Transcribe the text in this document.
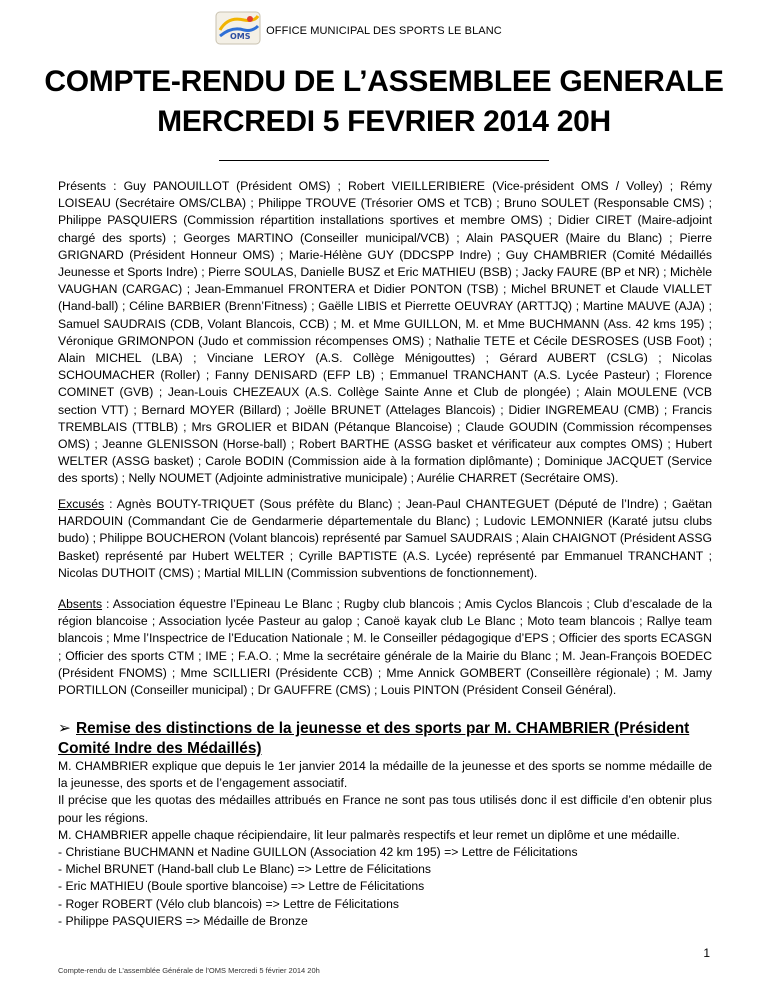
OMS	OFFICE MUNICIPAL DES SPORTS LE BLANC
COMPTE-RENDU DE L’ASSEMBLEE GENERALE
MERCREDI 5 FEVRIER 2014 20H
Présents : Guy PANOUILLOT (Président OMS) ; Robert VIEILLERIBIERE (Vice-président OMS / Volley) ; Rémy LOISEAU (Secrétaire OMS/CLBA) ; Philippe TROUVE (Trésorier OMS et TCB) ; Bruno SOULET (Responsable CMS) ; Philippe PASQUIERS (Commission répartition installations sportives et membre OMS) ; Didier CIRET (Maire-adjoint chargé des sports) ; Georges MARTINO (Conseiller municipal/VCB) ; Alain PASQUER (Maire du Blanc) ; Pierre GRIGNARD (Président Honneur OMS) ; Marie-Hélène GUY (DDCSPP Indre) ; Guy CHAMBRIER (Comité Médaillés Jeunesse et Sports Indre) ; Pierre SOULAS, Danielle BUSZ et Eric MATHIEU (BSB) ; Jacky FAURE (BP et NR) ; Michèle VAUGHAN (CARGAC) ; Jean-Emmanuel FRONTERA et Didier PONTON (TSB) ; Michel BRUNET et Claude VIALLET (Hand-ball) ; Céline BARBIER (Brenn’Fitness) ; Gaëlle LIBIS et Pierrette OEUVRAY (ARTTJQ) ; Martine MAUVE (AJA) ; Samuel SAUDRAIS (CDB, Volant Blancois, CCB) ; M. et Mme GUILLON, M. et Mme BUCHMANN (Ass. 42 kms 195) ; Véronique GRIMONPON (Judo et commission récompenses OMS) ; Nathalie TETE et Cécile DESROSES (USB Foot) ; Alain MICHEL (LBA) ; Vinciane LEROY (A.S. Collège Ménigouttes) ; Gérard AUBERT (CSLG) ; Nicolas SCHOUMACHER (Roller) ; Fanny DENISARD (EFP LB) ; Emmanuel TRANCHANT (A.S. Lycée Pasteur) ; Florence COMINET (GVB) ; Jean-Louis CHEZEAUX (A.S. Collège Sainte Anne et Club de plongée) ; Alain MOULENE (VCB section VTT) ; Bernard MOYER (Billard) ; Joëlle BRUNET (Attelages Blancois) ; Didier INGREMEAU (CMB) ; Francis TREMBLAIS (TTBLB) ; Mrs GROLIER et BIDAN (Pétanque Blancoise) ; Claude GOUDIN (Commission récompenses OMS) ; Jeanne GLENISSON (Horse-ball) ; Robert BARTHE (ASSG basket et vérificateur aux comptes OMS) ; Hubert WELTER (ASSG basket) ; Carole BODIN (Commission aide à la formation diplômante) ; Dominique JACQUET (Service des sports) ; Nelly NOUMET (Adjointe administrative municipale) ; Aurélie CHARRET (Secrétaire OMS).
Excusés : Agnès BOUTY-TRIQUET (Sous préfète du Blanc) ; Jean-Paul CHANTEGUET (Député de l’Indre) ; Gaëtan HARDOUIN (Commandant Cie de Gendarmerie départementale du Blanc) ; Ludovic LEMONNIER (Karaté jutsu clubs budo) ; Philippe BOUCHERON (Volant blancois) représenté par Samuel SAUDRAIS ; Alain CHAIGNOT (Président ASSG Basket) représenté par Hubert WELTER ; Cyrille BAPTISTE (A.S. Lycée) représenté par Emmanuel TRANCHANT ; Nicolas DUTHOIT (CMS) ; Martial MILLIN (Commission subventions de fonctionnement).
Absents : Association équestre l’Epineau Le Blanc ; Rugby club blancois ; Amis Cyclos Blancois ; Club d’escalade de la région blancoise ; Association lycée Pasteur au galop ; Canoë kayak club Le Blanc ; Moto team blancois ; Rallye team blancois ; Mme l’Inspectrice de l’Education Nationale ; M. le Conseiller pédagogique d’EPS ; Officier des sports ECASGN ; Officier des sports CTM ; IME ; F.A.O. ; Mme la secrétaire générale de la Mairie du Blanc ; M. Jean-François BOEDEC (Président FNOMS) ; Mme SCILLIERI (Présidente CCB) ; Mme Annick GOMBERT (Conseillère régionale) ; M. Jamy PORTILLON (Conseiller municipal) ; Dr GAUFFRE (CMS) ; Louis PINTON (Président Conseil Général).
➢ Remise des distinctions de la jeunesse et des sports par M. CHAMBRIER (Président Comité Indre des Médaillés)

M. CHAMBRIER explique que depuis le 1er janvier 2014 la médaille de la jeunesse et des sports se nomme médaille de la jeunesse, des sports et de l’engagement associatif.

Il précise que les quotas des médailles attribués en France ne sont pas tous utilisés donc il est difficile d’en obtenir plus pour les régions.

M. CHAMBRIER appelle chaque récipiendaire, lit leur palmarès respectifs et leur remet un diplôme et une médaille.

- Christiane BUCHMANN et Nadine GUILLON (Association 42 km 195) => Lettre de Félicitations
- Michel BRUNET (Hand-ball club Le Blanc) => Lettre de Félicitations
- Eric MATHIEU (Boule sportive blancoise) => Lettre de Félicitations
- Roger ROBERT (Vélo club blancois) => Lettre de Félicitations
- Philippe PASQUIERS => Médaille de Bronze
1
Compte-rendu de L’assemblée Générale de l’OMS Mercredi 5 février 2014 20h
